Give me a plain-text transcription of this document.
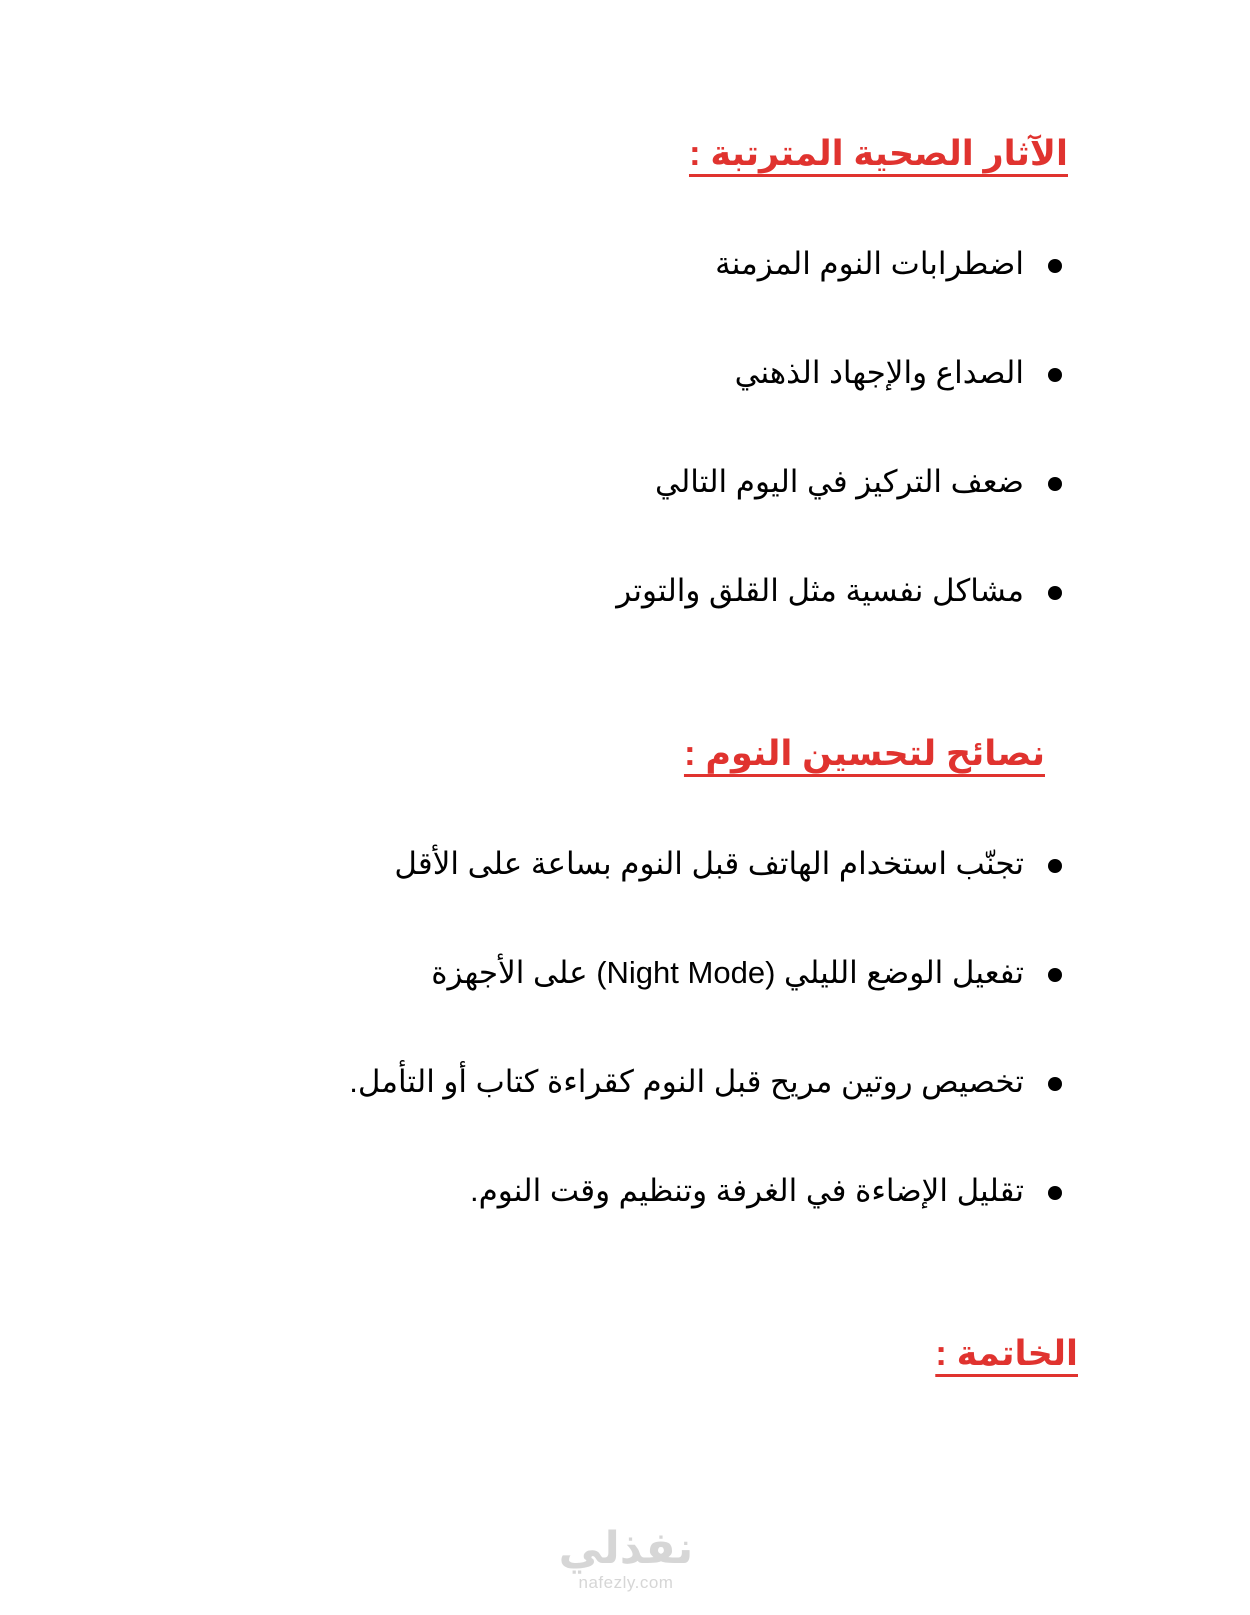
الآثار الصحية المترتبة :
اضطرابات النوم المزمنة
الصداع والإجهاد الذهني
ضعف التركيز في اليوم التالي
مشاكل نفسية مثل القلق والتوتر
نصائح لتحسين النوم :
تجنّب استخدام الهاتف قبل النوم بساعة على الأقل
تفعيل الوضع الليلي (Night Mode) على الأجهزة
تخصيص روتين مريح قبل النوم كقراءة كتاب أو التأمل.
تقليل الإضاءة في الغرفة وتنظيم وقت النوم.
الخاتمة :
نفذلي
nafezly.com
